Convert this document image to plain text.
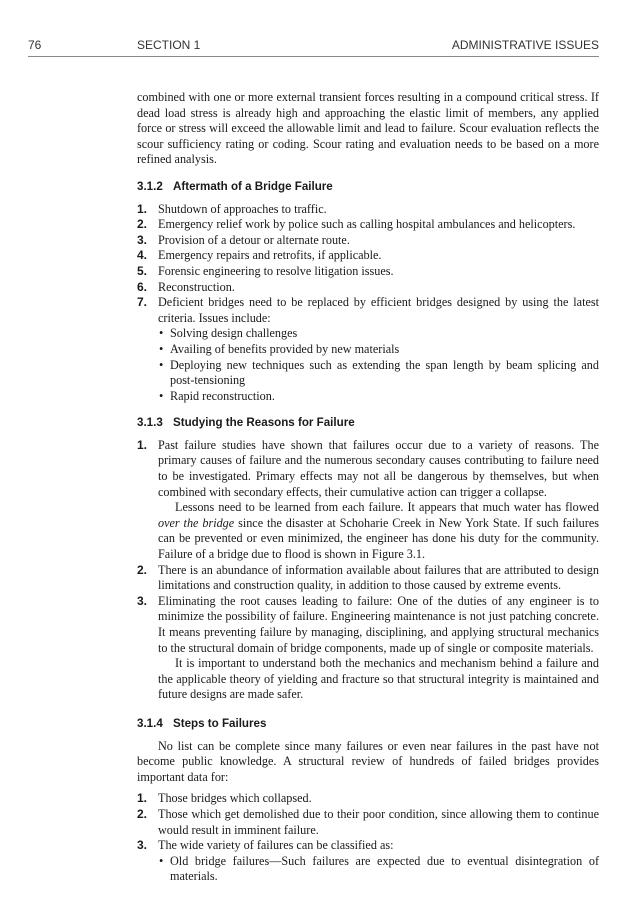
76	SECTION 1	ADMINISTRATIVE ISSUES

combined with one or more external transient forces resulting in a compound critical stress. If dead load stress is already high and approaching the elastic limit of members, any applied force or stress will exceed the allowable limit and lead to failure. Scour evaluation reflects the scour sufficiency rating or coding. Scour rating and evaluation needs to be based on a more refined analysis.

3.1.2 Aftermath of a Bridge Failure
1. Shutdown of approaches to traffic.
2. Emergency relief work by police such as calling hospital ambulances and helicopters.
3. Provision of a detour or alternate route.
4. Emergency repairs and retrofits, if applicable.
5. Forensic engineering to resolve litigation issues.
6. Reconstruction.
7. Deficient bridges need to be replaced by efficient bridges designed by using the latest criteria. Issues include:
• Solving design challenges
• Availing of benefits provided by new materials
• Deploying new techniques such as extending the span length by beam splicing and post-tensioning
• Rapid reconstruction.
3.1.3 Studying the Reasons for Failure
1. Past failure studies have shown that failures occur due to a variety of reasons. The primary causes of failure and the numerous secondary causes contributing to failure need to be investigated. Primary effects may not all be dangerous by themselves, but when combined with secondary effects, their cumulative action can trigger a collapse.

Lessons need to be learned from each failure. It appears that much water has flowed over the bridge since the disaster at Schoharie Creek in New York State. If such failures can be prevented or even minimized, the engineer has done his duty for the community. Failure of a bridge due to flood is shown in Figure 3.1.

2. There is an abundance of information available about failures that are attributed to design limitations and construction quality, in addition to those caused by extreme events.
3. Eliminating the root causes leading to failure: One of the duties of any engineer is to minimize the possibility of failure. Engineering maintenance is not just patching concrete. It means preventing failure by managing, disciplining, and applying structural mechanics to the structural domain of bridge components, made up of single or composite materials.

It is important to understand both the mechanics and mechanism behind a failure and the applicable theory of yielding and fracture so that structural integrity is maintained and future designs are made safer.

3.1.4 Steps to Failures

No list can be complete since many failures or even near failures in the past have not become public knowledge. A structural review of hundreds of failed bridges provides important data for:

1. Those bridges which collapsed.
2. Those which get demolished due to their poor condition, since allowing them to continue would result in imminent failure.
3. The wide variety of failures can be classified as:
• Old bridge failures—Such failures are expected due to eventual disintegration of materials.
